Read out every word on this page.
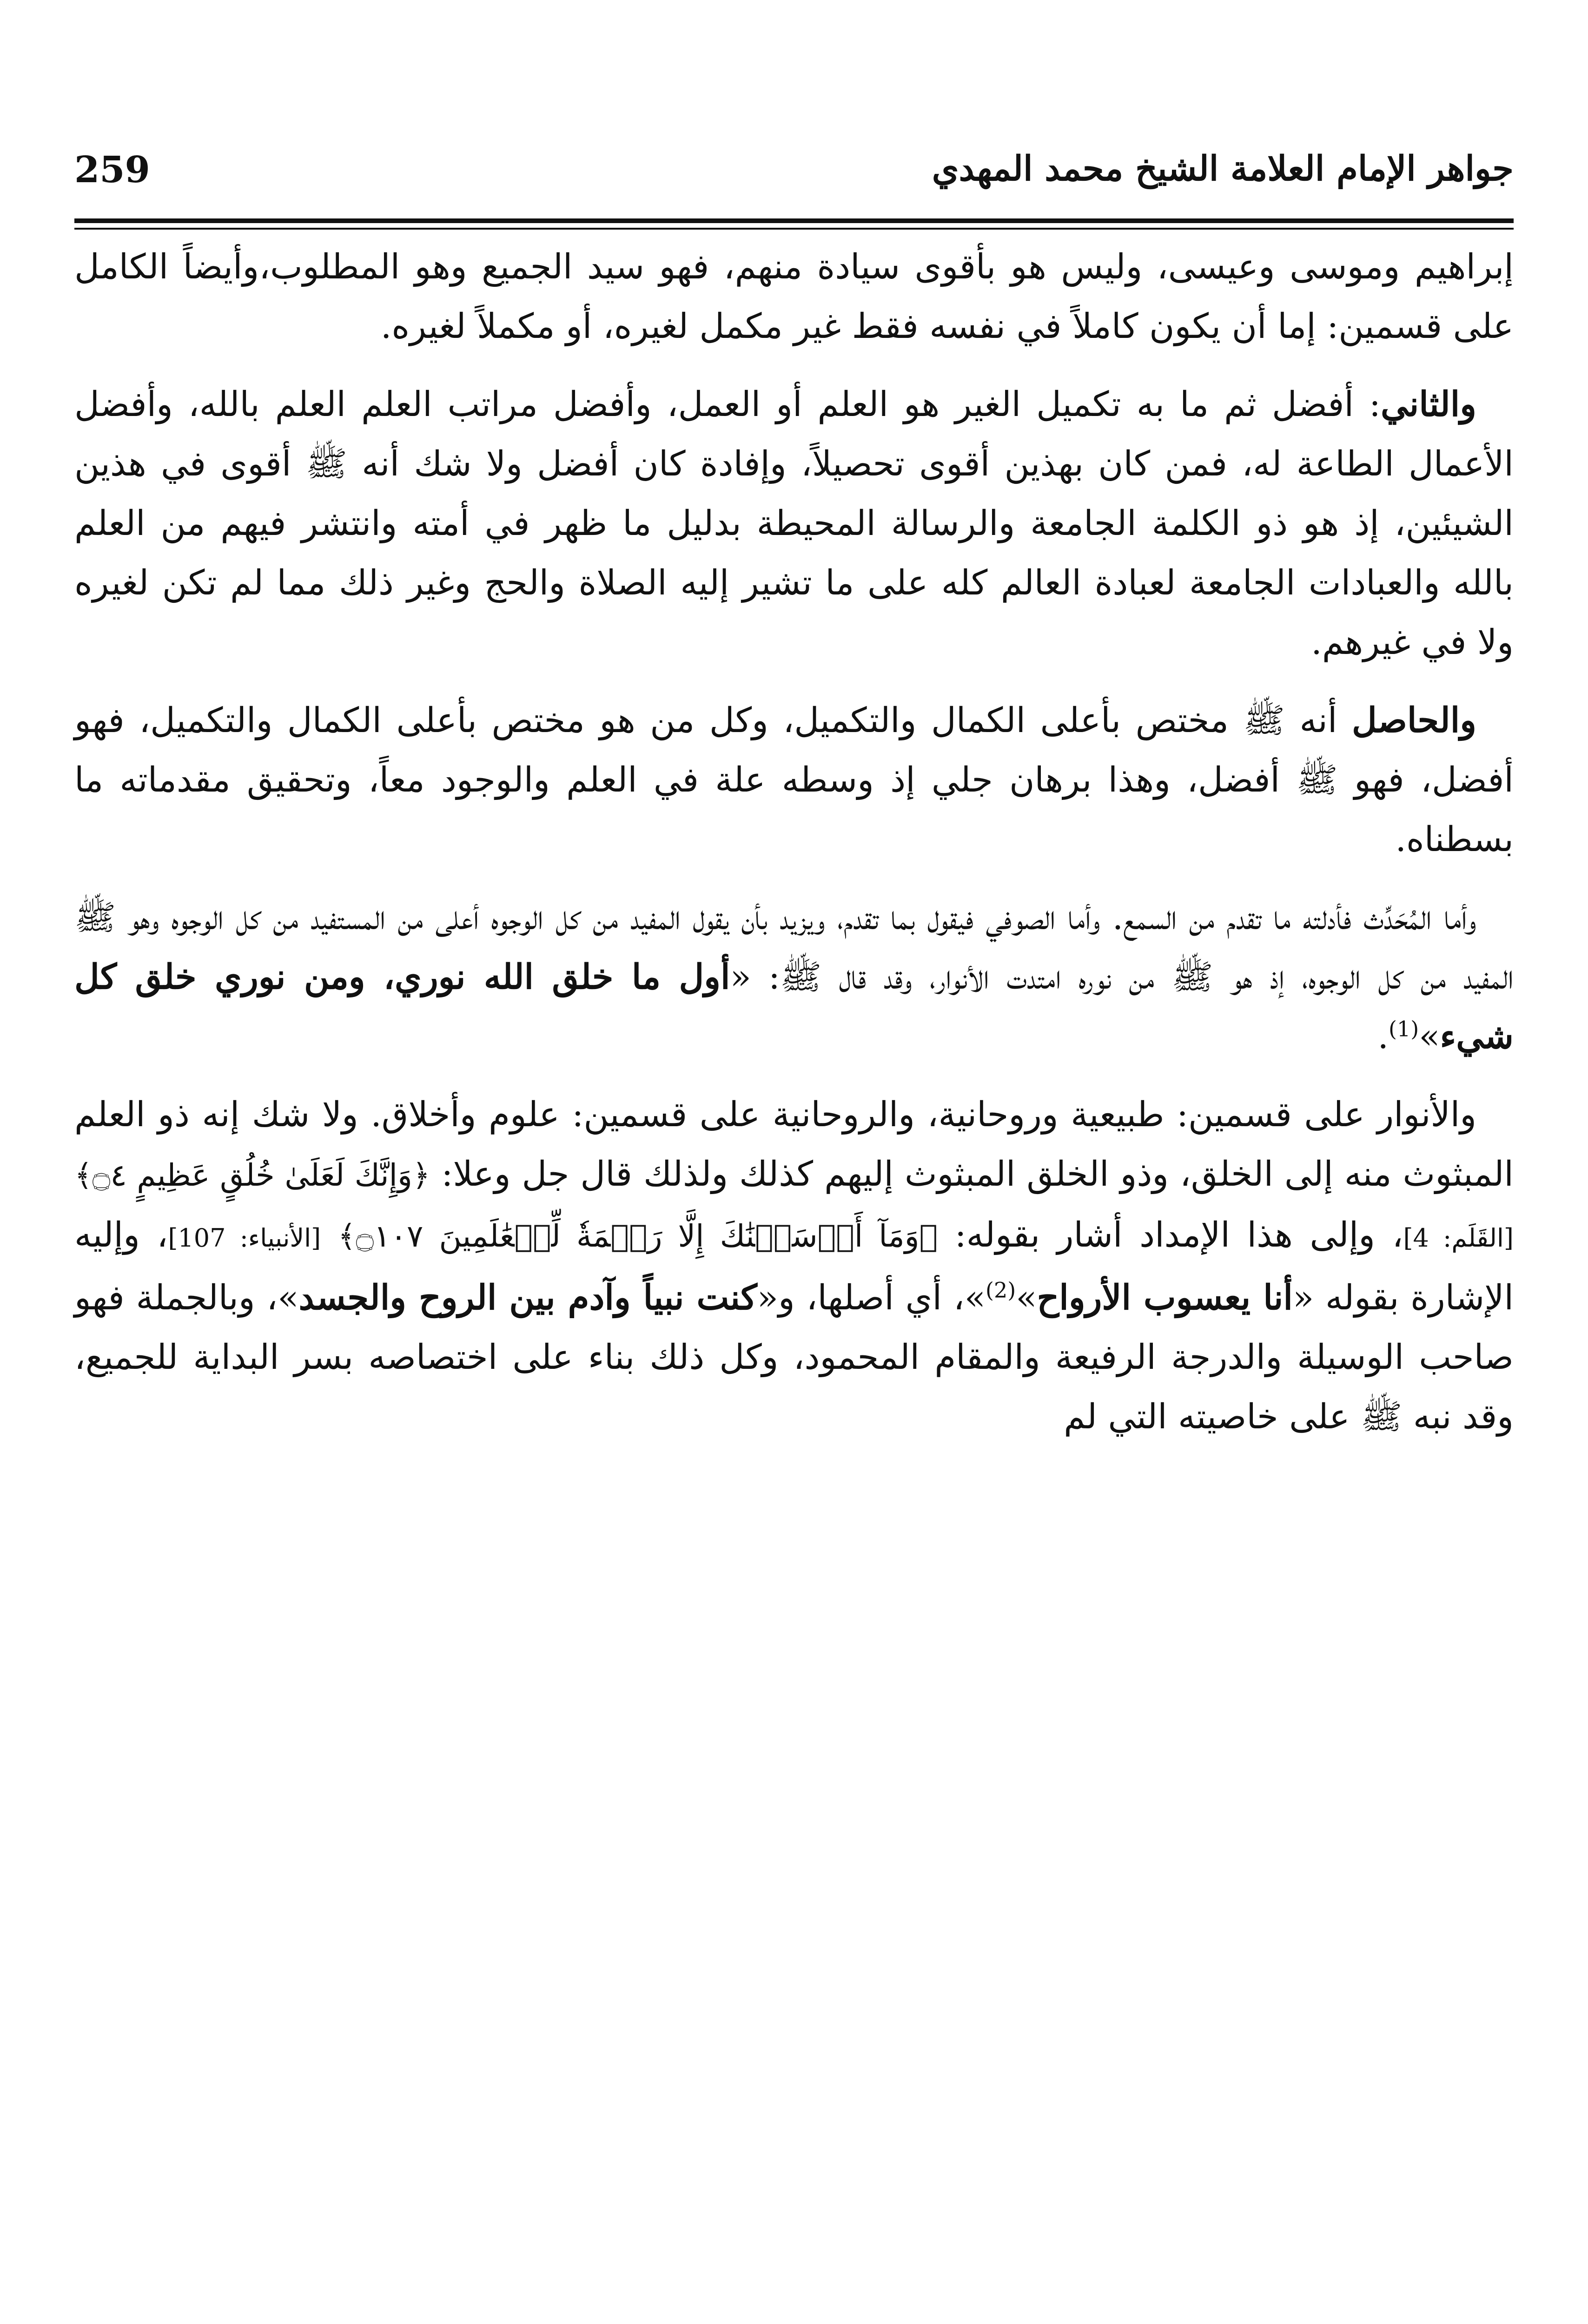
جواهر الإمام العلامة الشيخ محمد المهدي
259

إبراهيم وموسى وعيسى، وليس هو بأقوى سيادة منهم، فهو سيد الجميع وهو المطلوب،وأيضاً الكامل على قسمين: إما أن يكون كاملاً في نفسه فقط غير مكمل لغيره، أو مكملاً لغيره.

والثاني: أفضل ثم ما به تكميل الغير هو العلم أو العمل، وأفضل مراتب العلم العلم بالله، وأفضل الأعمال الطاعة له، فمن كان بهذين أقوى تحصيلاً، وإفادة كان أفضل ولا شك أنه ﷺ أقوى في هذين الشيئين، إذ هو ذو الكلمة الجامعة والرسالة المحيطة بدليل ما ظهر في أمته وانتشر فيهم من العلم بالله والعبادات الجامعة لعبادة العالم كله على ما تشير إليه الصلاة والحج وغير ذلك مما لم تكن لغيره ولا في غيرهم.

والحاصل أنه ﷺ مختص بأعلى الكمال والتكميل، وكل من هو مختص بأعلى الكمال والتكميل، فهو أفضل، فهو ﷺ أفضل، وهذا برهان جلي إذ وسطه علة في العلم والوجود معاً، وتحقيق مقدماته ما بسطناه.

وأما المُحَدِّث فأدلته ما تقدم من السمع. وأما الصوفي فيقول بما تقدم، ويزيد بأن يقول المفيد من كل الوجوه أعلى من المستفيد من كل الوجوه وهو ﷺ المفيد من كل الوجوه، إذ هو ﷺ من نوره امتدت الأنوار، وقد قال ﷺ: «أول ما خلق الله نوري، ومن نوري خلق كل شيء»$^{(1)}$.

والأنوار على قسمين: طبيعية وروحانية، والروحانية على قسمين: علوم وأخلاق. ولا شك إنه ذو العلم المبثوث منه إلى الخلق، وذو الخلق المبثوث إليهم كذلك ولذلك قال جل وعلا: ﴿وَإِنَّكَ لَعَلَىٰ خُلُقٍ عَظِيمٍ ۝٤﴾ [القَلَم: 4]، وإلى هذا الإمداد أشار بقوله: ﴿وَمَآ أَرۡسَلۡنَٰكَ إِلَّا رَحۡمَةٗ لِّلۡعَٰلَمِينَ ۝١٠٧﴾ [الأنبياء: 107]، وإليه الإشارة بقوله «أنا يعسوب الأرواح»$^{(2)}$»، أي أصلها، و«كنت نبياً وآدم بين الروح والجسد»، وبالجملة فهو صاحب الوسيلة والدرجة الرفيعة والمقام المحمود، وكل ذلك بناء على اختصاصه بسر البداية للجميع، وقد نبه ﷺ على خاصيته التي لم
